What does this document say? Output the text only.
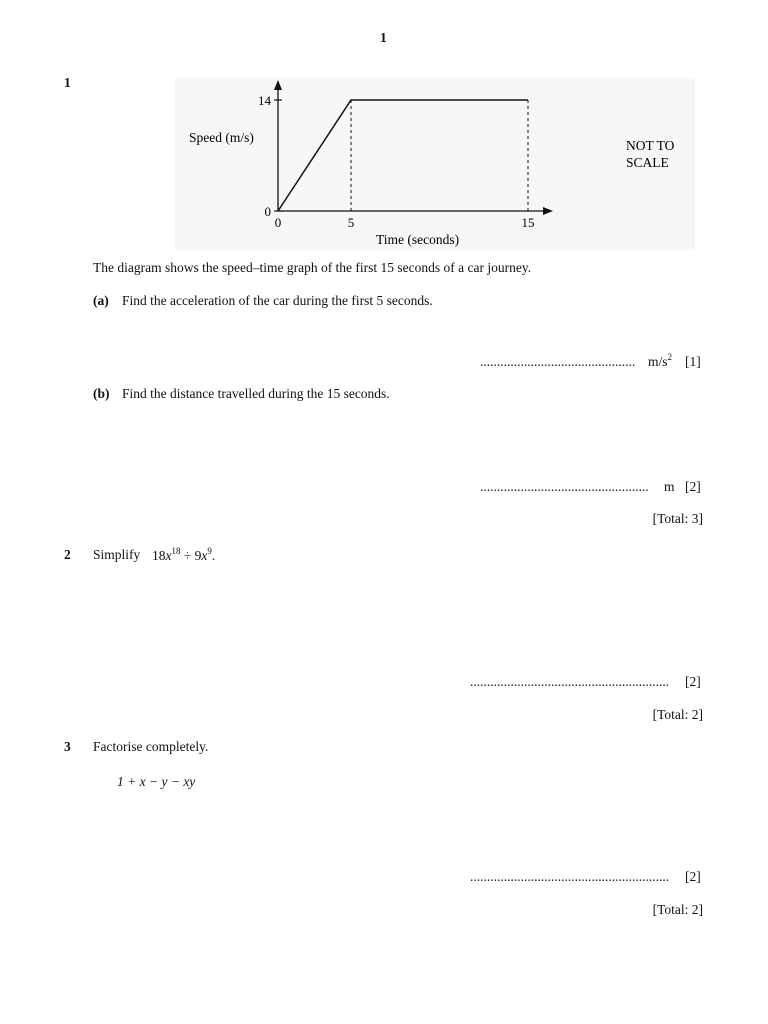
1
1
14
0
0	5	15
Speed (m/s)
Time (seconds)
NOT TO
SCALE
The diagram shows the speed–time graph of the first 15 seconds of a car journey.
(a) Find the acceleration of the car during the first 5 seconds.
.............................................. $m/s^2$ [1]
(b) Find the distance travelled during the 15 seconds.
.................................................. m [2]
[Total: 3]
2 Simplify $18x^{18} \div 9x^9$.
........................................................... [2]
[Total: 2]
3 Factorise completely.
1 + x − y − xy
........................................................... [2]
[Total: 2]
